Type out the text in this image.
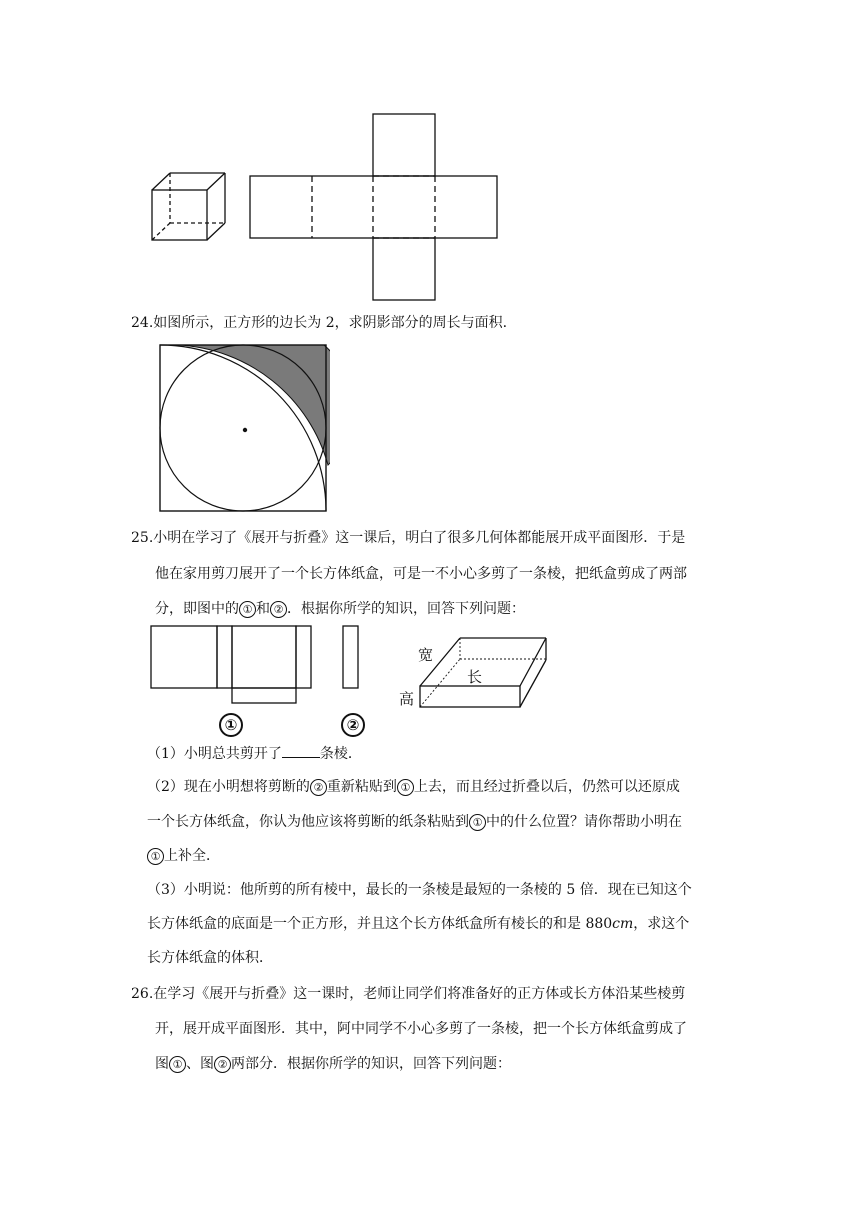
24.如图所示，正方形的边长为 2，求阴影部分的周长与面积.
25.小明在学习了《展开与折叠》这一课后，明白了很多几何体都能展开成平面图形．于是
他在家用剪刀展开了一个长方体纸盒，可是一不小心多剪了一条棱，把纸盒剪成了两部
分，即图中的 ① 和 ② ．根据你所学的知识，回答下列问题：
宽
长
高
①	②
（1）小明总共剪开了	条棱．
（2）现在小明想将剪断的 ② 重新粘贴到 ① 上去，而且经过折叠以后，仍然可以还原成
一个长方体纸盒，你认为他应该将剪断的纸条粘贴到 ① 中的什么位置？请你帮助小明在
① 上补全．
（3）小明说：他所剪的所有棱中，最长的一条棱是最短的一条棱的 5 倍．现在已知这个
长方体纸盒的底面是一个正方形，并且这个长方体纸盒所有棱长的和是 880cm，求这个
长方体纸盒的体积．
26.在学习《展开与折叠》这一课时，老师让同学们将准备好的正方体或长方体沿某些棱剪
开，展开成平面图形．其中，阿中同学不小心多剪了一条棱，把一个长方体纸盒剪成了
图 ① 、图 ② 两部分．根据你所学的知识，回答下列问题：
